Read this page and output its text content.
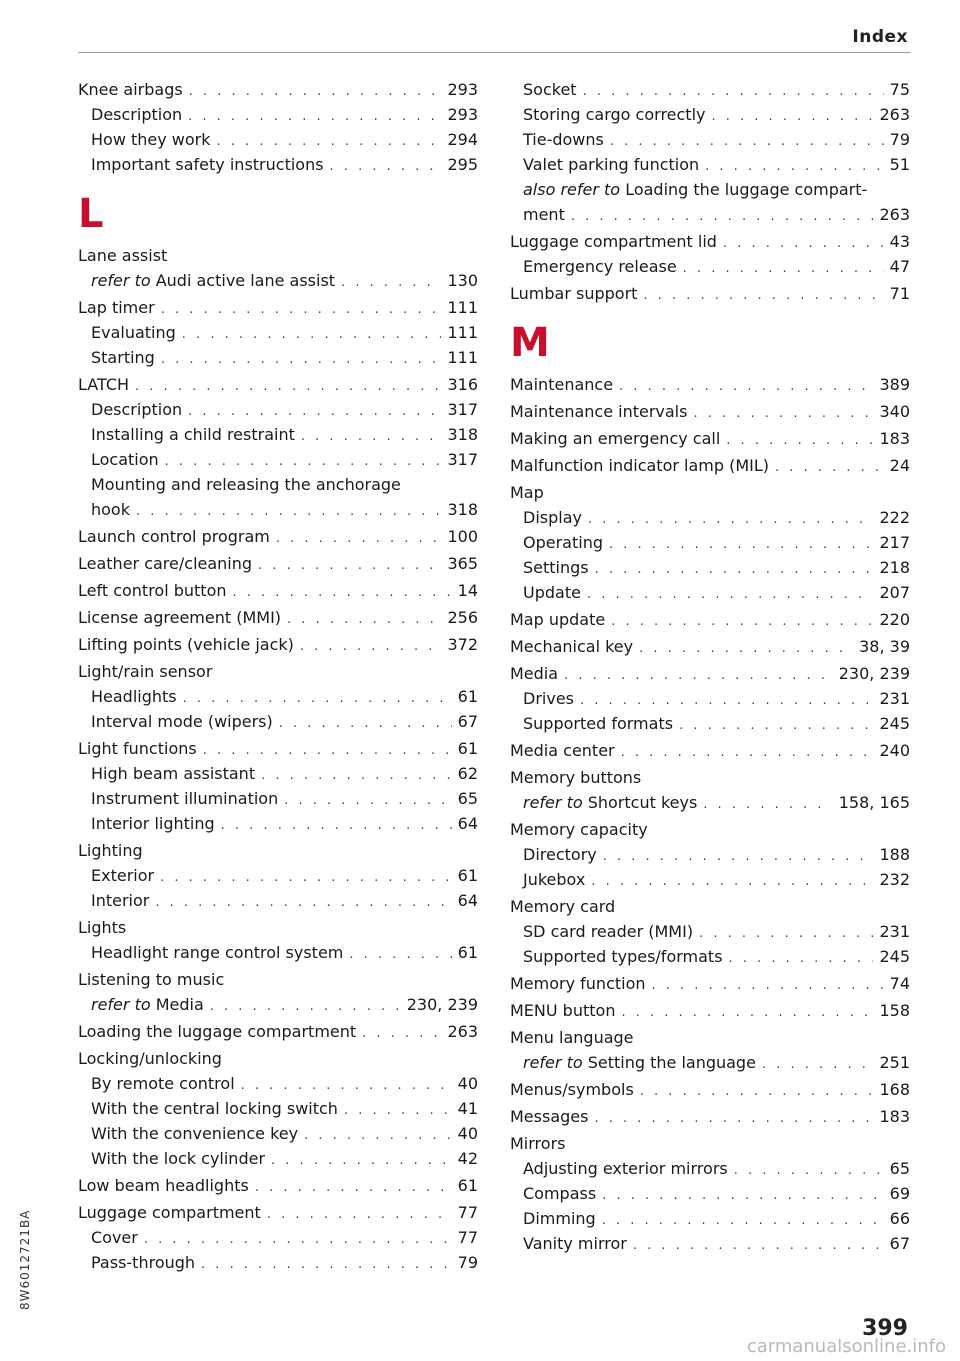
Index
Knee airbags . . .	293
Description . . .	293
How they work . . .	294
Important safety instructions . . .	295
L
Lane assist
refer to Audi active lane assist . . .	130
Lap timer . . .	111
Evaluating . . .	111
Starting . . .	111
LATCH . . .	316
Description . . .	317
Installing a child restraint . . .	318
Location . . .	317
Mounting and releasing the anchorage
hook . . .	318
Launch control program . . .	100
Leather care/cleaning . . .	365
Left control button . . .	14
License agreement (MMI) . . .	256
Lifting points (vehicle jack) . . .	372
Light/rain sensor
Headlights . . .	61
Interval mode (wipers) . . .	67
Light functions . . .	61
High beam assistant . . .	62
Instrument illumination . . .	65
Interior lighting . . .	64
Lighting
Exterior . . .	61
Interior . . .	64
Lights
Headlight range control system . . .	61
Listening to music
refer to Media . . .	230, 239
Loading the luggage compartment . . .	263
Locking/unlocking
By remote control . . .	40
With the central locking switch . . .	41
With the convenience key . . .	40
With the lock cylinder . . .	42
Low beam headlights . . .	61
Luggage compartment . . .	77
Cover . . .	77
Pass-through . . .	79
Socket . . .	75
Storing cargo correctly . . .	263
Tie-downs . . .	79
Valet parking function . . .	51
also refer to Loading the luggage compart-
ment . . .	263
Luggage compartment lid . . .	43
Emergency release . . .	47
Lumbar support . . .	71
M
Maintenance . . .	389
Maintenance intervals . . .	340
Making an emergency call . . .	183
Malfunction indicator lamp (MIL) . . .	24
Map
Display . . .	222
Operating . . .	217
Settings . . .	218
Update . . .	207
Map update . . .	220
Mechanical key . . .	38, 39
Media . . .	230, 239
Drives . . .	231
Supported formats . . .	245
Media center . . .	240
Memory buttons
refer to Shortcut keys . . .	158, 165
Memory capacity
Directory . . .	188
Jukebox . . .	232
Memory card
SD card reader (MMI) . . .	231
Supported types/formats . . .	245
Memory function . . .	74
MENU button . . .	158
Menu language
refer to Setting the language . . .	251
Menus/symbols . . .	168
Messages . . .	183
Mirrors
Adjusting exterior mirrors . . .	65
Compass . . .	69
Dimming . . .	66
Vanity mirror . . .	67
399
8W6012721BA
carmanualsonline.info
